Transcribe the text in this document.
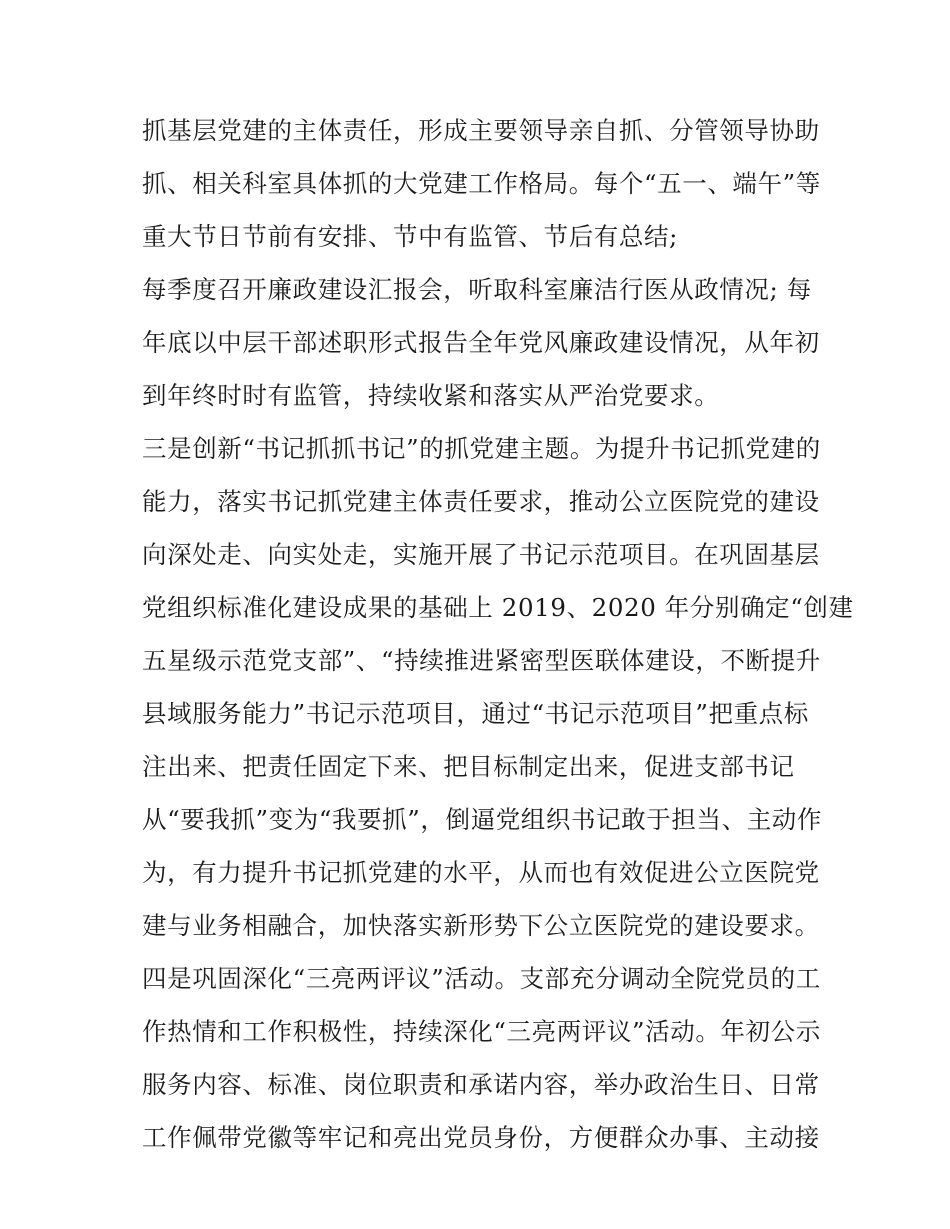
抓基层党建的主体责任，形成主要领导亲自抓、分管领导协助
抓、相关科室具体抓的大党建工作格局。每个“五一、端午”等
重大节日节前有安排、节中有监管、节后有总结;
每季度召开廉政建设汇报会，听取科室廉洁行医从政情况; 每
年底以中层干部述职形式报告全年党风廉政建设情况，从年初
到年终时时有监管，持续收紧和落实从严治党要求。
三是创新“书记抓抓书记”的抓党建主题。为提升书记抓党建的
能力，落实书记抓党建主体责任要求，推动公立医院党的建设
向深处走、向实处走，实施开展了书记示范项目。在巩固基层
党组织标准化建设成果的基础上 2019、2020 年分别确定“创建
五星级示范党支部”、“持续推进紧密型医联体建设，不断提升
县域服务能力”书记示范项目，通过“书记示范项目”把重点标
注出来、把责任固定下来、把目标制定出来，促进支部书记
从“要我抓”变为“我要抓”，倒逼党组织书记敢于担当、主动作
为，有力提升书记抓党建的水平，从而也有效促进公立医院党
建与业务相融合，加快落实新形势下公立医院党的建设要求。
四是巩固深化“三亮两评议”活动。支部充分调动全院党员的工
作热情和工作积极性，持续深化“三亮两评议”活动。年初公示
服务内容、标准、岗位职责和承诺内容，举办政治生日、日常
工作佩带党徽等牢记和亮出党员身份，方便群众办事、主动接
